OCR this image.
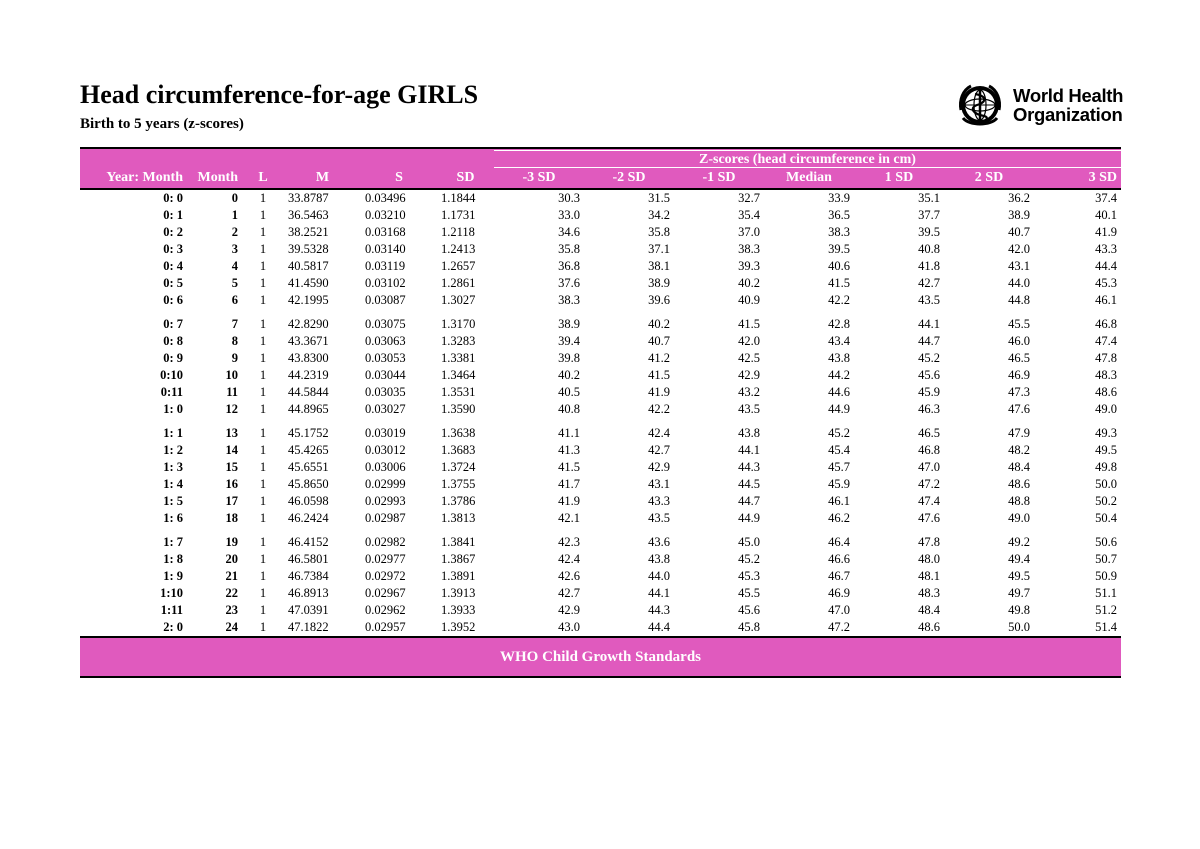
Head circumference-for-age GIRLS
Birth to 5 years (z-scores)
World Health
Organization
Z-scores (head circumference in cm)
Year: Month	Month	L	M	S	SD	-3 SD	-2 SD	-1 SD	Median	1 SD	2 SD	3 SD
0: 0	0	1	33.8787	0.03496	1.1844	30.3	31.5	32.7	33.9	35.1	36.2	37.4
0: 1	1	1	36.5463	0.03210	1.1731	33.0	34.2	35.4	36.5	37.7	38.9	40.1
0: 2	2	1	38.2521	0.03168	1.2118	34.6	35.8	37.0	38.3	39.5	40.7	41.9
0: 3	3	1	39.5328	0.03140	1.2413	35.8	37.1	38.3	39.5	40.8	42.0	43.3
0: 4	4	1	40.5817	0.03119	1.2657	36.8	38.1	39.3	40.6	41.8	43.1	44.4
0: 5	5	1	41.4590	0.03102	1.2861	37.6	38.9	40.2	41.5	42.7	44.0	45.3
0: 6	6	1	42.1995	0.03087	1.3027	38.3	39.6	40.9	42.2	43.5	44.8	46.1
0: 7	7	1	42.8290	0.03075	1.3170	38.9	40.2	41.5	42.8	44.1	45.5	46.8
0: 8	8	1	43.3671	0.03063	1.3283	39.4	40.7	42.0	43.4	44.7	46.0	47.4
0: 9	9	1	43.8300	0.03053	1.3381	39.8	41.2	42.5	43.8	45.2	46.5	47.8
0:10	10	1	44.2319	0.03044	1.3464	40.2	41.5	42.9	44.2	45.6	46.9	48.3
0:11	11	1	44.5844	0.03035	1.3531	40.5	41.9	43.2	44.6	45.9	47.3	48.6
1: 0	12	1	44.8965	0.03027	1.3590	40.8	42.2	43.5	44.9	46.3	47.6	49.0
1: 1	13	1	45.1752	0.03019	1.3638	41.1	42.4	43.8	45.2	46.5	47.9	49.3
1: 2	14	1	45.4265	0.03012	1.3683	41.3	42.7	44.1	45.4	46.8	48.2	49.5
1: 3	15	1	45.6551	0.03006	1.3724	41.5	42.9	44.3	45.7	47.0	48.4	49.8
1: 4	16	1	45.8650	0.02999	1.3755	41.7	43.1	44.5	45.9	47.2	48.6	50.0
1: 5	17	1	46.0598	0.02993	1.3786	41.9	43.3	44.7	46.1	47.4	48.8	50.2
1: 6	18	1	46.2424	0.02987	1.3813	42.1	43.5	44.9	46.2	47.6	49.0	50.4
1: 7	19	1	46.4152	0.02982	1.3841	42.3	43.6	45.0	46.4	47.8	49.2	50.6
1: 8	20	1	46.5801	0.02977	1.3867	42.4	43.8	45.2	46.6	48.0	49.4	50.7
1: 9	21	1	46.7384	0.02972	1.3891	42.6	44.0	45.3	46.7	48.1	49.5	50.9
1:10	22	1	46.8913	0.02967	1.3913	42.7	44.1	45.5	46.9	48.3	49.7	51.1
1:11	23	1	47.0391	0.02962	1.3933	42.9	44.3	45.6	47.0	48.4	49.8	51.2
2: 0	24	1	47.1822	0.02957	1.3952	43.0	44.4	45.8	47.2	48.6	50.0	51.4
WHO Child Growth Standards
